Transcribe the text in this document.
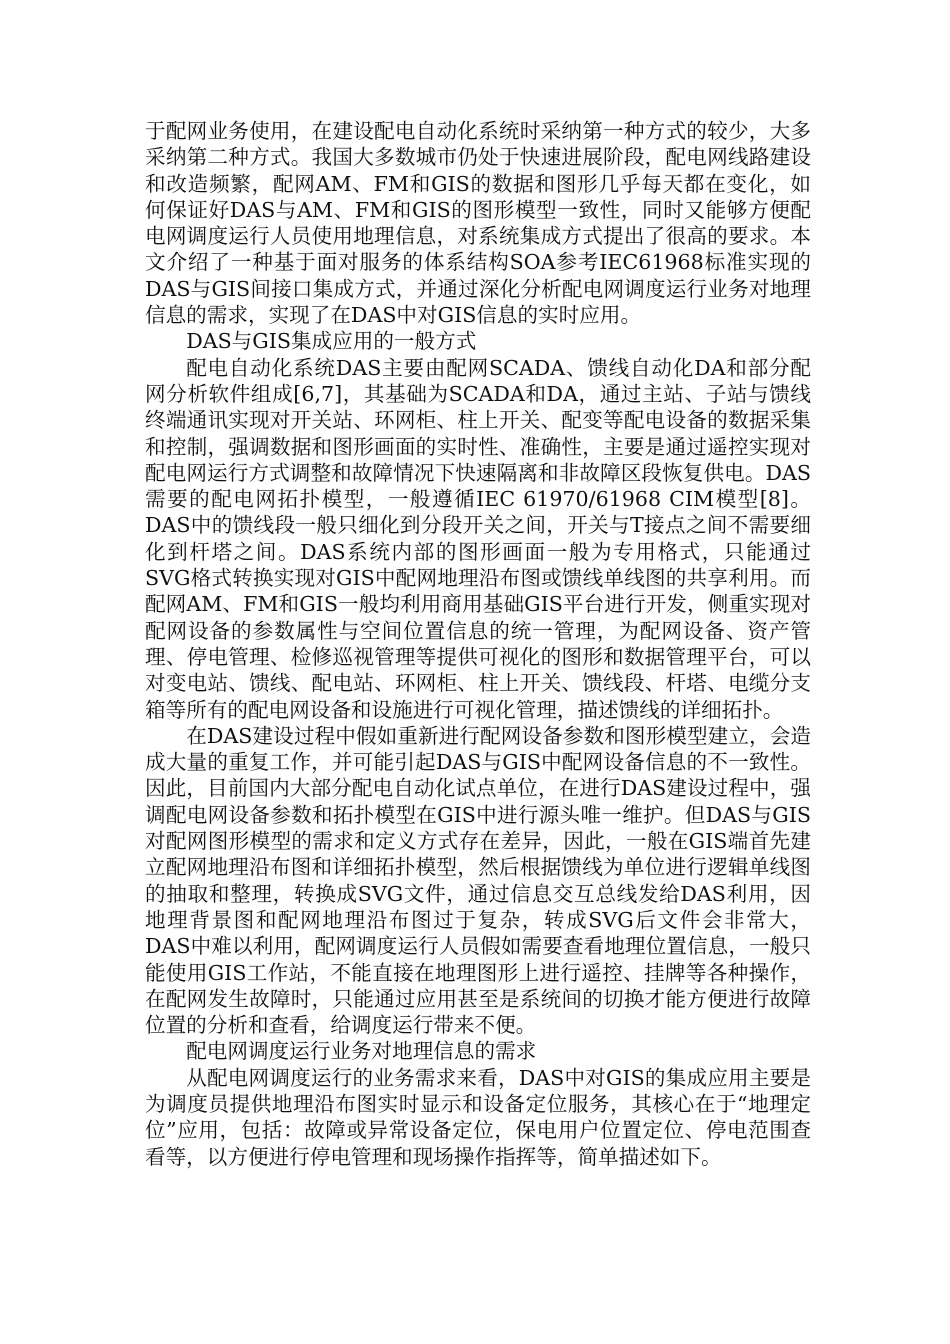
于配网业务使用，在建设配电自动化系统时采纳第一种方式的较少，大多采纳第二种方式。我国大多数城市仍处于快速进展阶段，配电网线路建设和改造频繁，配网AM、FM和GIS的数据和图形几乎每天都在变化，如何保证好DAS与AM、FM和GIS的图形模型一致性，同时又能够方便配电网调度运行人员使用地理信息，对系统集成方式提出了很高的要求。本文介绍了一种基于面对服务的体系结构SOA参考IEC61968标准实现的DAS与GIS间接口集成方式，并通过深化分析配电网调度运行业务对地理信息的需求，实现了在DAS中对GIS信息的实时应用。

DAS与GIS集成应用的一般方式

配电自动化系统DAS主要由配网SCADA、馈线自动化DA和部分配网分析软件组成[6,7]，其基础为SCADA和DA，通过主站、子站与馈线终端通讯实现对开关站、环网柜、柱上开关、配变等配电设备的数据采集和控制，强调数据和图形画面的实时性、准确性，主要是通过遥控实现对配电网运行方式调整和故障情况下快速隔离和非故障区段恢复供电。DAS需要的配电网拓扑模型，一般遵循IEC 61970/61968 CIM模型[8]。DAS中的馈线段一般只细化到分段开关之间，开关与T接点之间不需要细化到杆塔之间。DAS系统内部的图形画面一般为专用格式，只能通过SVG格式转换实现对GIS中配网地理沿布图或馈线单线图的共享利用。而配网AM、FM和GIS一般均利用商用基础GIS平台进行开发，侧重实现对配网设备的参数属性与空间位置信息的统一管理，为配网设备、资产管理、停电管理、检修巡视管理等提供可视化的图形和数据管理平台，可以对变电站、馈线、配电站、环网柜、柱上开关、馈线段、杆塔、电缆分支箱等所有的配电网设备和设施进行可视化管理，描述馈线的详细拓扑。

在DAS建设过程中假如重新进行配网设备参数和图形模型建立，会造成大量的重复工作，并可能引起DAS与GIS中配网设备信息的不一致性。因此，目前国内大部分配电自动化试点单位，在进行DAS建设过程中，强调配电网设备参数和拓扑模型在GIS中进行源头唯一维护。但DAS与GIS对配网图形模型的需求和定义方式存在差异，因此，一般在GIS端首先建立配网地理沿布图和详细拓扑模型，然后根据馈线为单位进行逻辑单线图的抽取和整理，转换成SVG文件，通过信息交互总线发给DAS利用，因地理背景图和配网地理沿布图过于复杂，转成SVG后文件会非常大，DAS中难以利用，配网调度运行人员假如需要查看地理位置信息，一般只能使用GIS工作站，不能直接在地理图形上进行遥控、挂牌等各种操作，在配网发生故障时，只能通过应用甚至是系统间的切换才能方便进行故障位置的分析和查看，给调度运行带来不便。

配电网调度运行业务对地理信息的需求

从配电网调度运行的业务需求来看，DAS中对GIS的集成应用主要是为调度员提供地理沿布图实时显示和设备定位服务，其核心在于“地理定位”应用，包括：故障或异常设备定位，保电用户位置定位、停电范围查看等，以方便进行停电管理和现场操作指挥等，简单描述如下。
